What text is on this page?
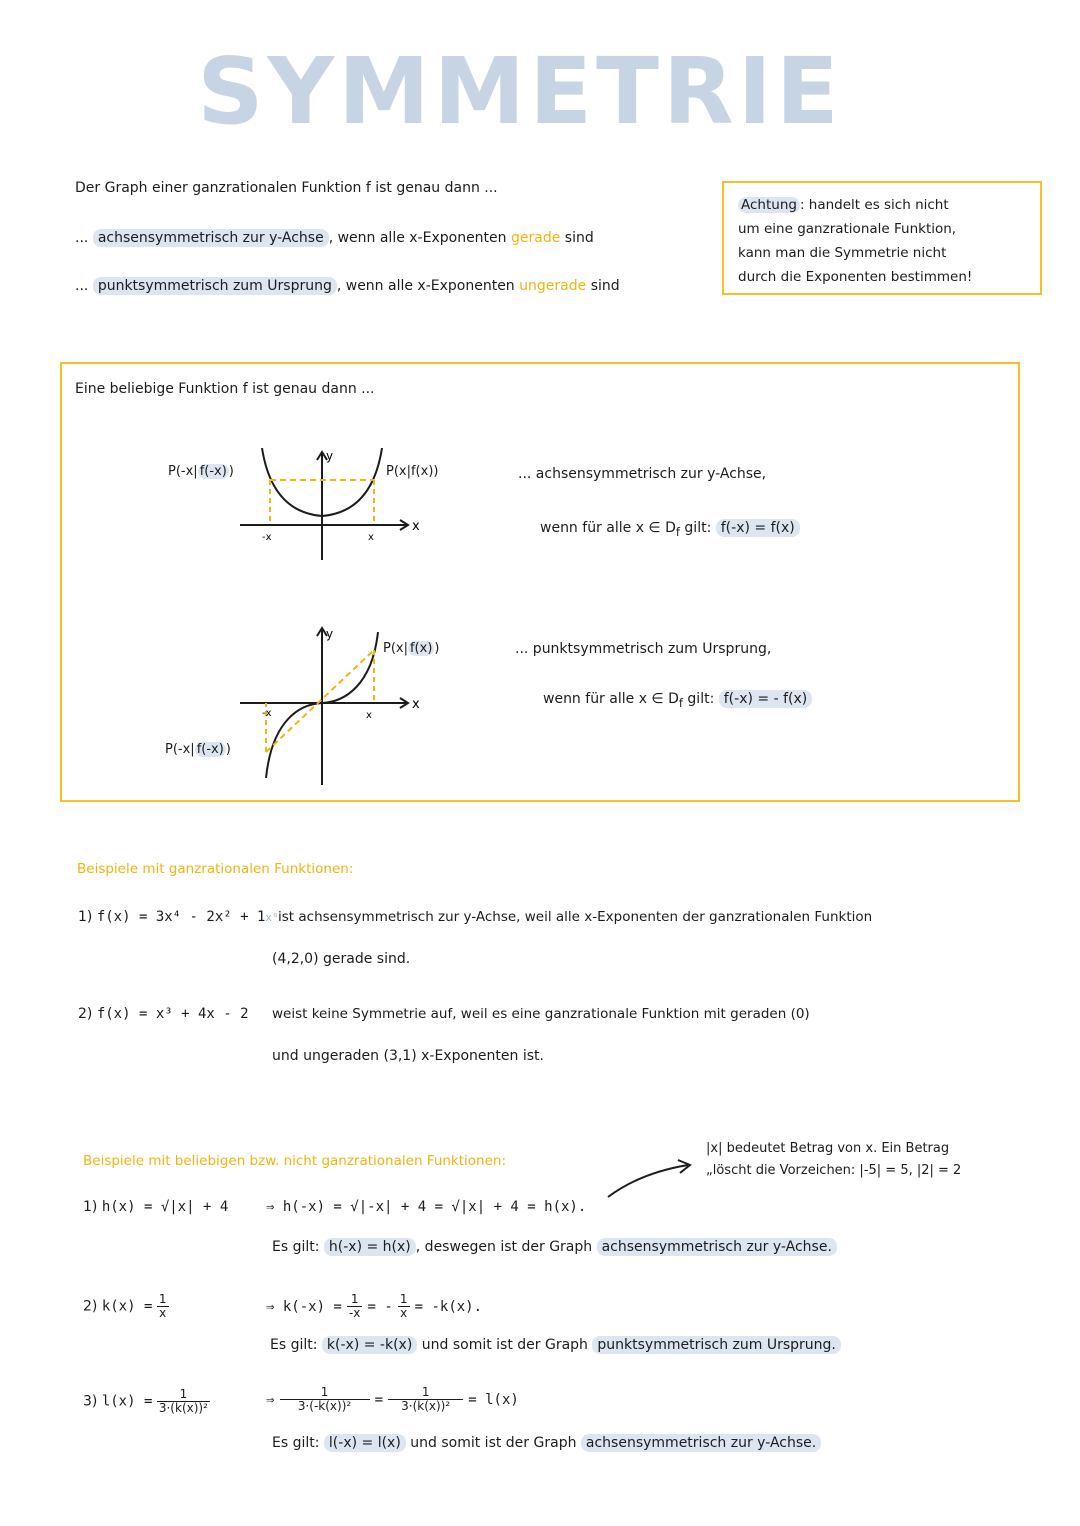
SYMMETRIE
Der Graph einer ganzrationalen Funktion f ist genau dann ...
... achsensymmetrisch zur y-Achse , wenn alle x-Exponenten gerade sind
... punktsymmetrisch zum Ursprung , wenn alle x-Exponenten ungerade sind
Achtung : handelt es sich nicht
um eine ganzrationale Funktion,
kann man die Symmetrie nicht
durch die Exponenten bestimmen!
Eine beliebige Funktion f ist genau dann ...
y
x
-x	x
P(-x| f(-x) )	P(x|f(x))	... achsensymmetrisch zur y-Achse,
wenn für alle x ∈ $D_f$ gilt: f(-x) = f(x)
y
x
-x	x
P(x| f(x) )
P(-x| f(-x) )
... punktsymmetrisch zum Ursprung,
wenn für alle x ∈ $D_f$ gilt: f(-x) = - f(x)
Beispiele mit ganzrationalen Funktionen:
1) f(x) = 3x⁴ - 2x² + 1x⁰ ist achsensymmetrisch zur y-Achse, weil alle x-Exponenten der ganzrationalen Funktion
(4,2,0) gerade sind.
2) f(x) = x³ + 4x - 2 weist keine Symmetrie auf, weil es eine ganzrationale Funktion mit geraden (0)
und ungeraden (3,1) x-Exponenten ist.
|x| bedeutet Betrag von x. Ein Betrag
„löscht die Vorzeichen: |-5| = 5, |2| = 2
Beispiele mit beliebigen bzw. nicht ganzrationalen Funktionen:
1) h(x) = √|x| + 4	⇒ h(-x) = √|-x| + 4 = √|x| + 4 = h(x).
Es gilt: h(-x) = h(x) , deswegen ist der Graph achsensymmetrisch zur y-Achse.
2) $k(x) = \frac{1}{x}$	⇒ $k(-x) = \frac{1}{-x}$ = - $\frac{1}{x} = -k(x)$.
Es gilt: k(-x) = -k(x) und somit ist der Graph punktsymmetrisch zum Ursprung.
3) $l(x) = \frac{1}{\text{3·(k(x))²}}$	⇒ $\frac{1}{\text{3·(-k(x))²}} = \frac{1}{\text{3·(k(x))²}} = l(x)$
Es gilt: l(-x) = l(x) und somit ist der Graph achsensymmetrisch zur y-Achse.
